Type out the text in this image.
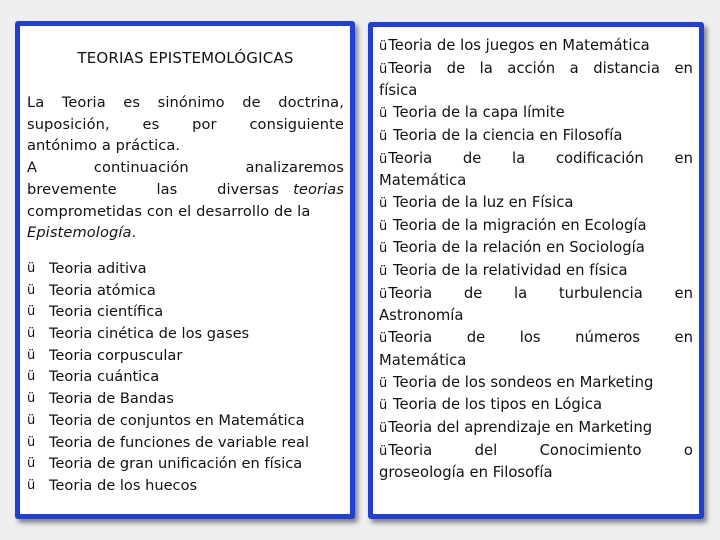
TEORIAS EPISTEMOLÓGICAS
La Teoria es sinónimo de doctrina,
suposición, es por consiguiente
antónimo a práctica.
A	continuación	analizaremos
brevemente	las	diversas teorias
comprometidas con el desarrollo de la
Epistemología.
ü Teoria aditiva
ü Teoria atómica
ü Teoria científica
ü Teoria cinética de los gases
ü Teoria corpuscular
ü Teoria cuántica
ü Teoria de Bandas
ü Teoria de conjuntos en Matemática
ü Teoria de funciones de variable real
ü Teoria de gran unificación en física
ü Teoria de los huecos
üTeoria de los juegos en Matemática
üTeoria de la acción a distancia en
física
ü Teoria de la capa límite
ü Teoria de la ciencia en Filosofía
üTeoria de la codificación en
Matemática
ü Teoria de la luz en Física
ü Teoria de la migración en Ecología
ü Teoria de la relación en Sociología
ü Teoria de la relatividad en física
üTeoria de la turbulencia en
Astronomía
üTeoria de los números en
Matemática
ü Teoria de los sondeos en Marketing
ü Teoria de los tipos en Lógica
üTeoria del aprendizaje en Marketing
üTeoria	del	Conocimiento	o
groseología en Filosofía
